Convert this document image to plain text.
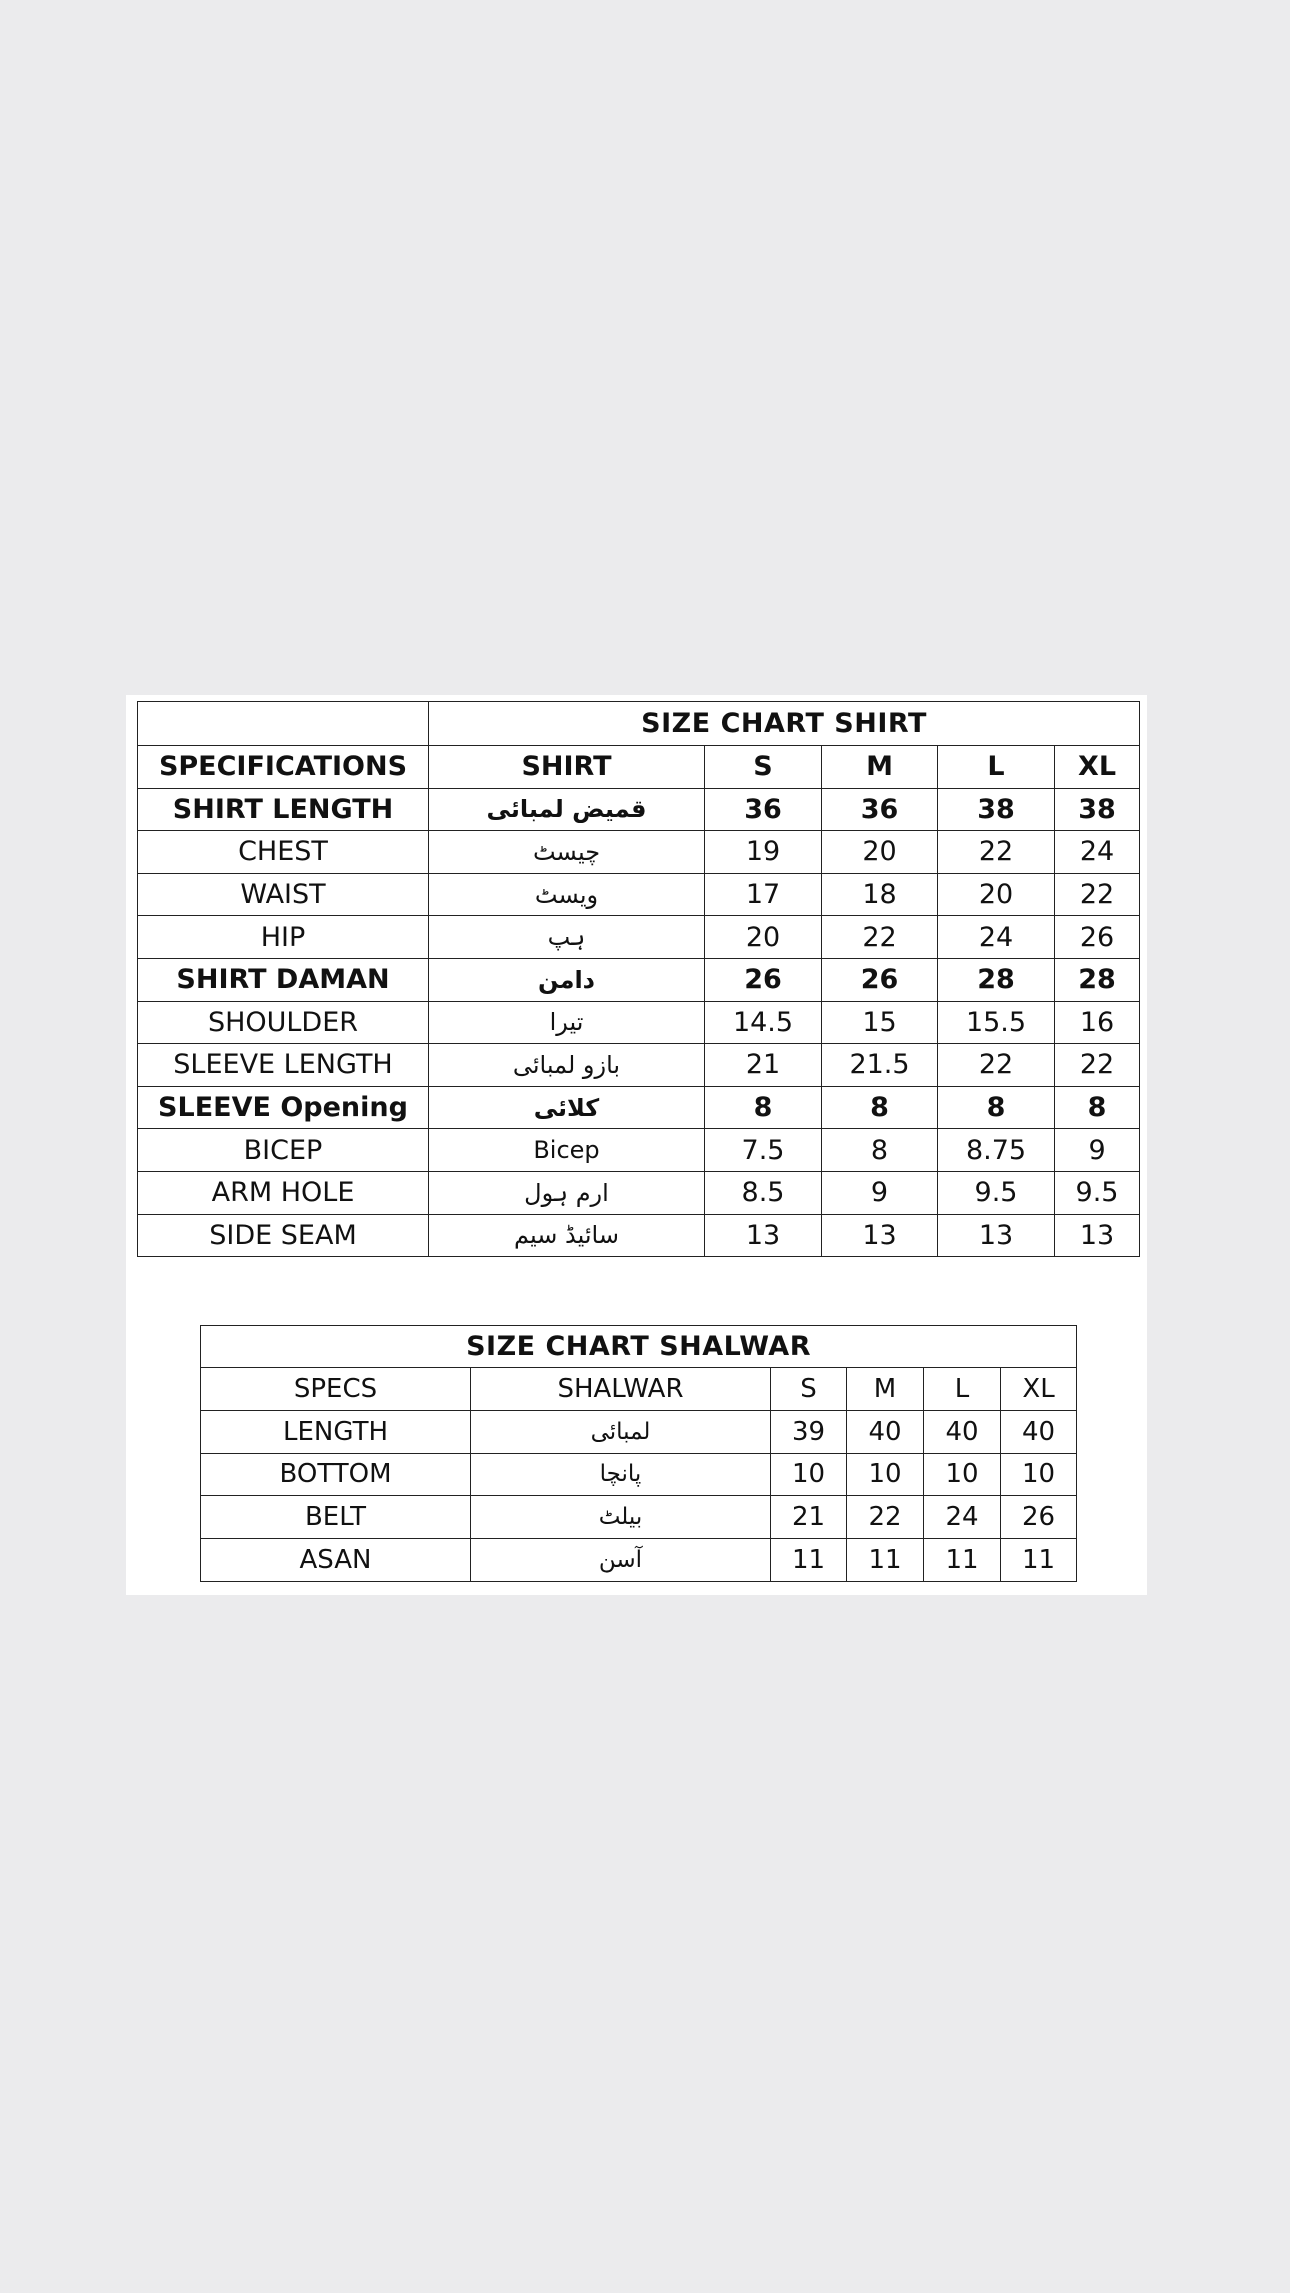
	SIZE CHART SHIRT				
SPECIFICATIONS	SHIRT	S	M	L	XL
SHIRT LENGTH	قمیض لمبائی	36	36	38	38
CHEST	چیسٹ	19	20	22	24
WAIST	ویسٹ	17	18	20	22
HIP	ہپ	20	22	24	26
SHIRT DAMAN	دامن	26	26	28	28
SHOULDER	تیرا	14.5	15	15.5	16
SLEEVE LENGTH	بازو لمبائی	21	21.5	22	22
SLEEVE Opening	کلائی	8	8	8	8
BICEP	Bicep	7.5	8	8.75	9
ARM HOLE	ارم ہول	8.5	9	9.5	9.5
SIDE SEAM	سائیڈ سیم	13	13	13	13
SIZE CHART SHALWAR					
SPECS	SHALWAR	S	M	L	XL
LENGTH	لمبائی	39	40	40	40
BOTTOM	پانچا	10	10	10	10
BELT	بیلٹ	21	22	24	26
ASAN	آسن	11	11	11	11
